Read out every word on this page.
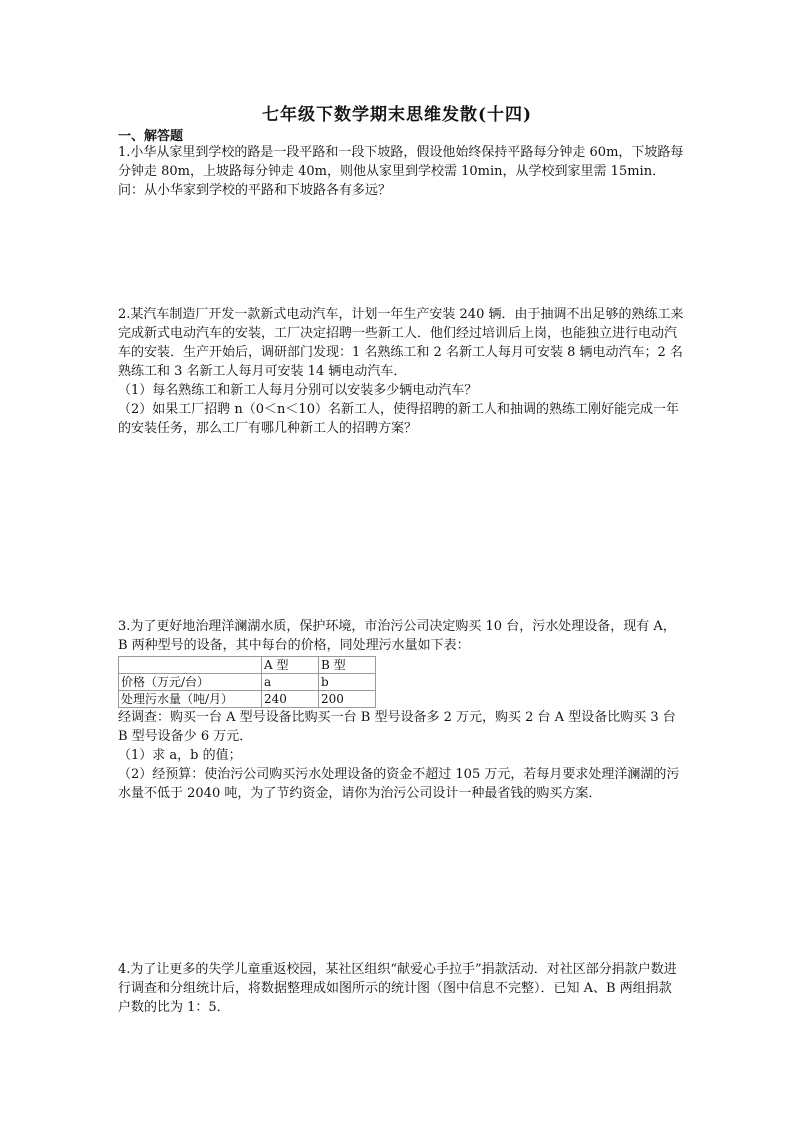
七年级下数学期末思维发散(十四)
一、解答题

1.小华从家里到学校的路是一段平路和一段下坡路，假设他始终保持平路每分钟走 60m，下坡路每分钟走 80m，上坡路每分钟走 40m，则他从家里到学校需 10min，从学校到家里需 15min．问：从小华家到学校的平路和下坡路各有多远？

2.某汽车制造厂开发一款新式电动汽车，计划一年生产安装 240 辆．由于抽调不出足够的熟练工来完成新式电动汽车的安装，工厂决定招聘一些新工人．他们经过培训后上岗，也能独立进行电动汽车的安装．生产开始后，调研部门发现：1 名熟练工和 2 名新工人每月可安装 8 辆电动汽车；2 名熟练工和 3 名新工人每月可安装 14 辆电动汽车．

（1）每名熟练工和新工人每月分别可以安装多少辆电动汽车？

（2）如果工厂招聘 n（0＜n＜10）名新工人，使得招聘的新工人和抽调的熟练工刚好能完成一年的安装任务，那么工厂有哪几种新工人的招聘方案？

3.为了更好地治理洋澜湖水质，保护环境，市治污公司决定购买 10 台，污水处理设备，现有 A，B 两种型号的设备，其中每台的价格，同处理污水量如下表：

	A 型	B 型
价格（万元/台）	a	b
处理污水量（吨/月）	240	200

经调查：购买一台 A 型号设备比购买一台 B 型号设备多 2 万元，购买 2 台 A 型设备比购买 3 台 B 型号设备少 6 万元．

（1）求 a，b 的值；

（2）经预算：使治污公司购买污水处理设备的资金不超过 105 万元，若每月要求处理洋澜湖的污水量不低于 2040 吨，为了节约资金，请你为治污公司设计一种最省钱的购买方案．

4.为了让更多的失学儿童重返校园，某社区组织“献爱心手拉手”捐款活动．对社区部分捐款户数进行调查和分组统计后，将数据整理成如图所示的统计图（图中信息不完整）．已知 A、B 两组捐款户数的比为 1：5．
